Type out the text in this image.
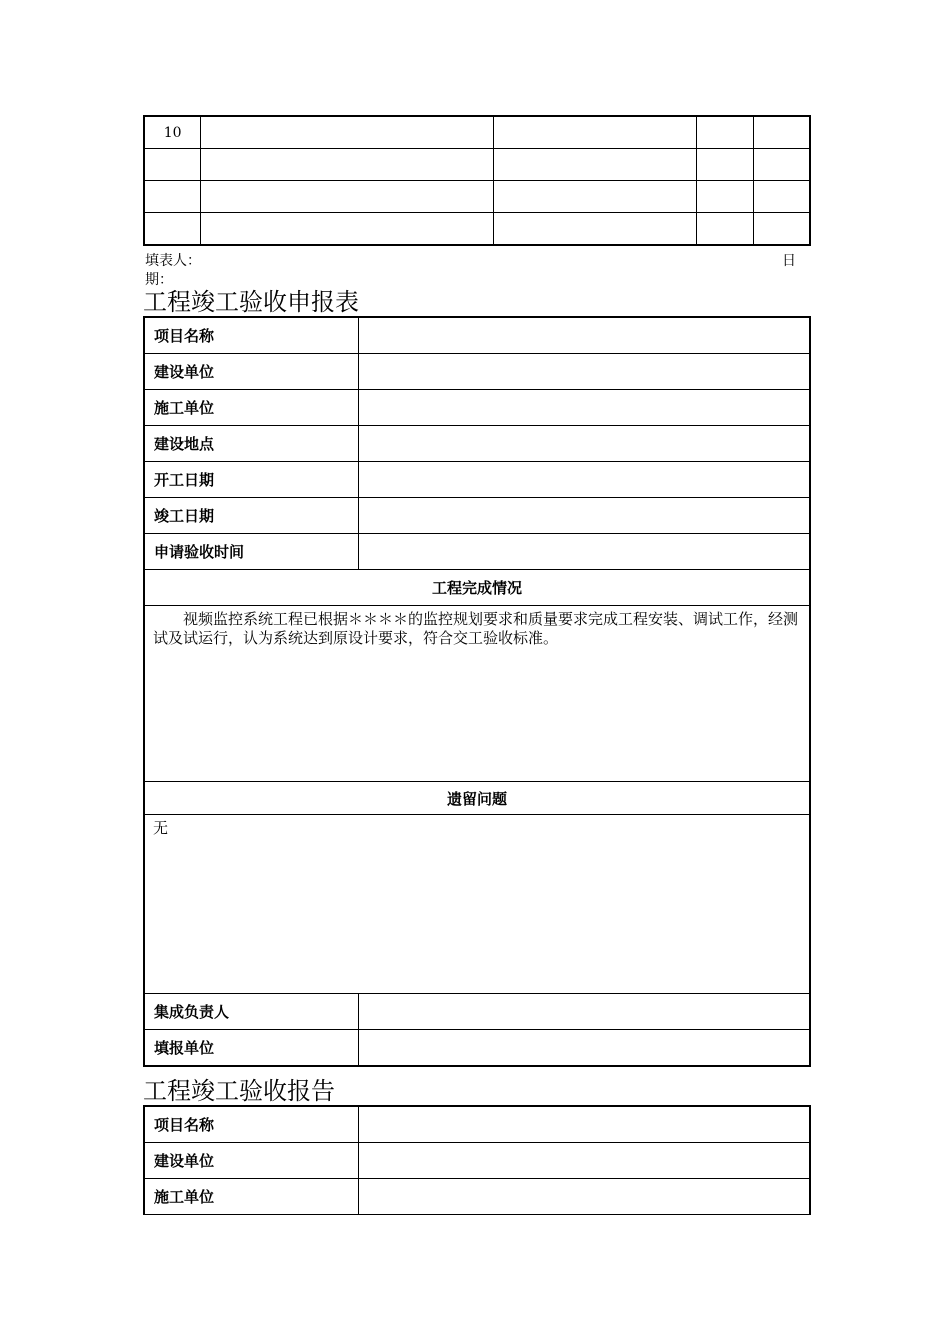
10				

填表人：	日
期：
工程竣工验收申报表
项目名称	
建设单位	
施工单位	
建设地点	
开工日期	
竣工日期	
申请验收时间	
工程完成情况	

视频监控系统工程已根据＊＊＊＊的监控规划要求和质量要求完成工程安装、调试工作，经测试及试运行，认为系统达到原设计要求，符合交工验收标准。	

遗留问题	

无	

集成负责人	
填报单位	
工程竣工验收报告
项目名称	
建设单位	
施工单位	
